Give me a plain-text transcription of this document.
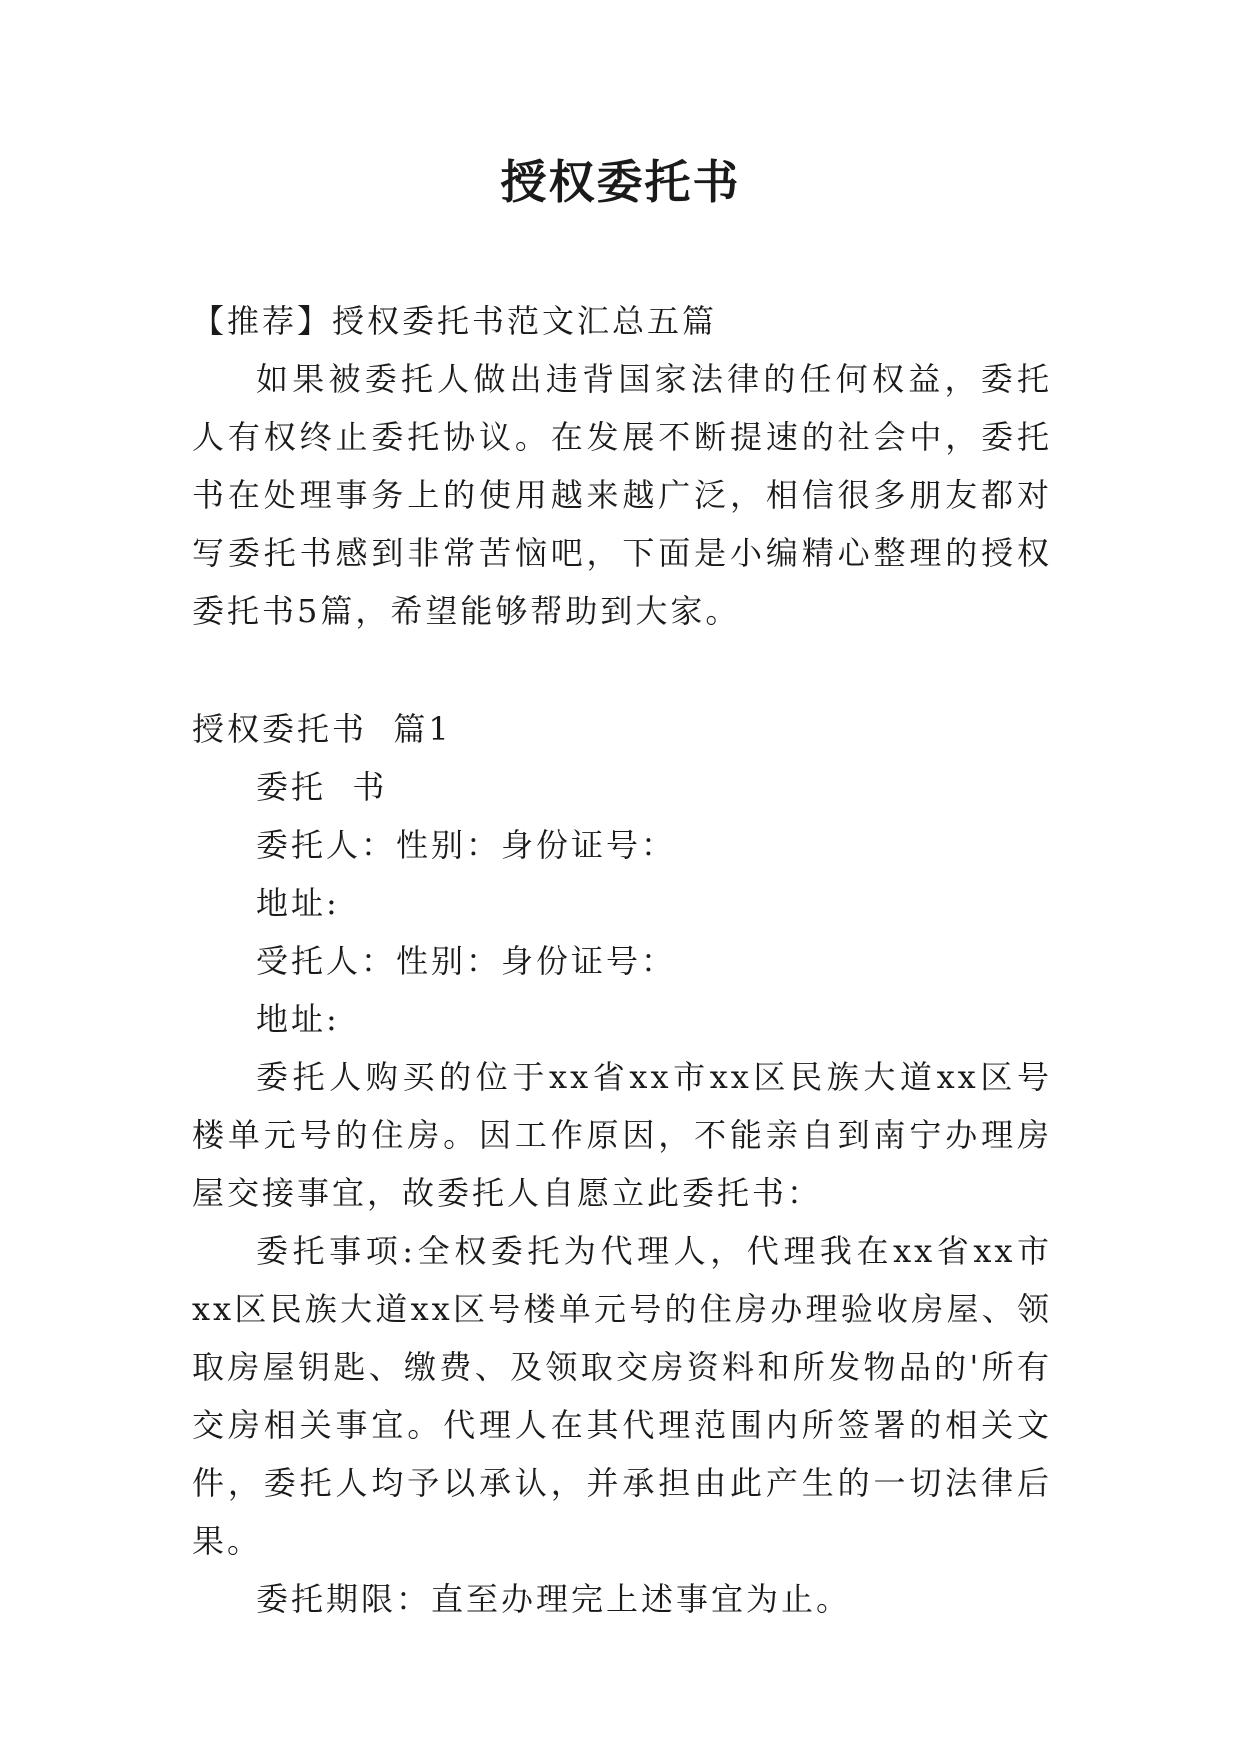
授权委托书

【推荐】授权委托书范文汇总五篇

如果被委托人做出违背国家法律的任何权益，委托人有权终止委托协议。在发展不断提速的社会中，委托书在处理事务上的使用越来越广泛，相信很多朋友都对写委托书感到非常苦恼吧，下面是小编精心整理的授权委托书5篇，希望能够帮助到大家。

授权委托书  篇1

委托  书

委托人：性别：身份证号：

地址:

受托人：性别：身份证号：

地址:

委托人购买的位于xx省xx市xx区民族大道xx区号楼单元号的住房。因工作原因，不能亲自到南宁办理房屋交接事宜，故委托人自愿立此委托书：

委托事项:全权委托为代理人，代理我在xx省xx市xx区民族大道xx区号楼单元号的住房办理验收房屋、领取房屋钥匙、缴费、及领取交房资料和所发物品的'所有交房相关事宜。代理人在其代理范围内所签署的相关文件，委托人均予以承认，并承担由此产生的一切法律后果。

委托期限：直至办理完上述事宜为止。
